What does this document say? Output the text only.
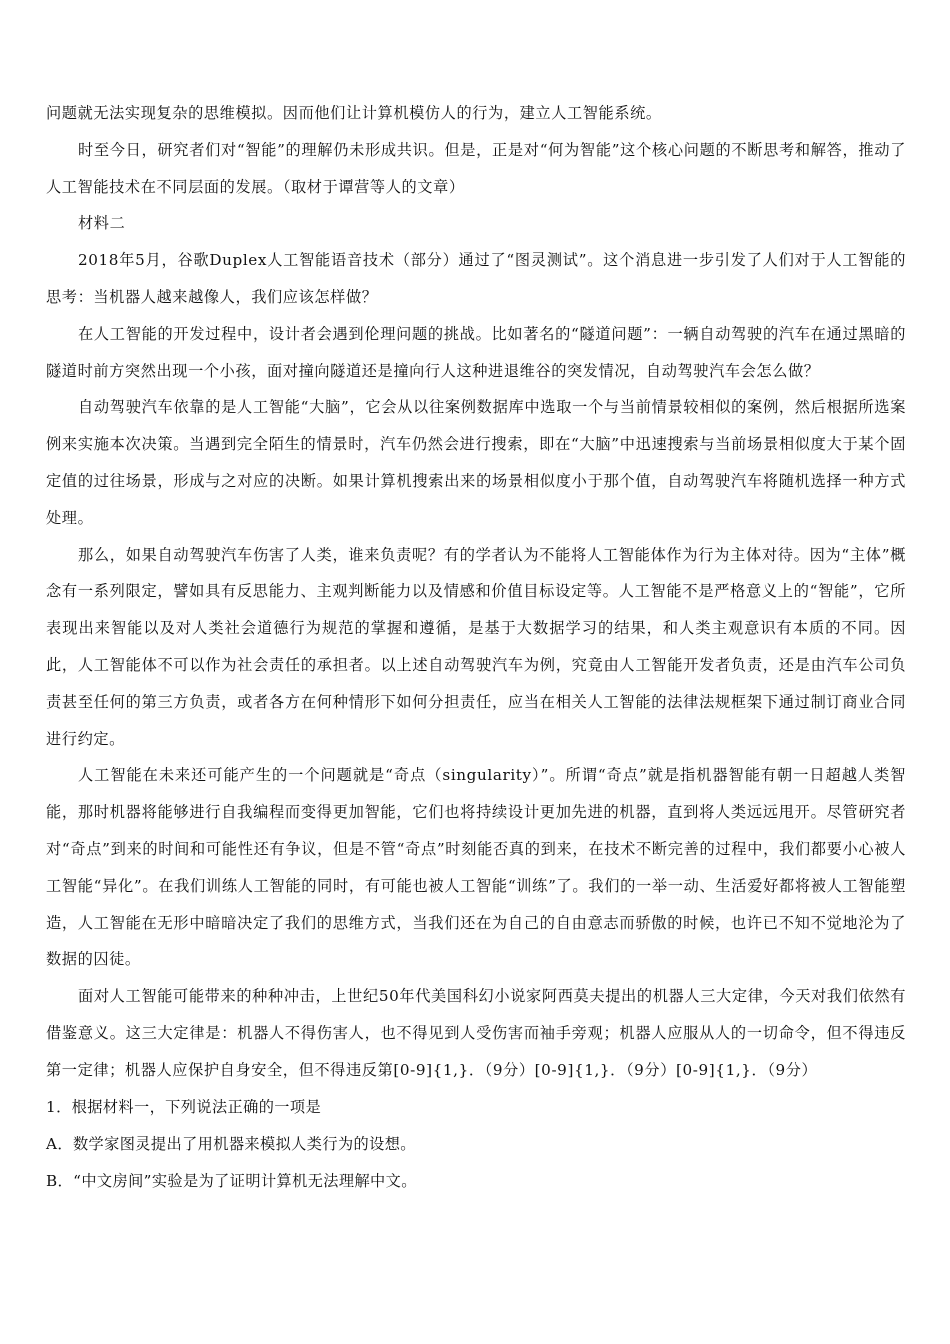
问题就无法实现复杂的思维模拟。因而他们让计算机模仿人的行为，建立人工智能系统。

时至今日，研究者们对“智能”的理解仍未形成共识。但是，正是对“何为智能”这个核心问题的不断思考和解答，推动了人工智能技术在不同层面的发展。（取材于谭营等人的文章）

材料二

2018年5月，谷歌Duplex人工智能语音技术（部分）通过了“图灵测试”。这个消息进一步引发了人们对于人工智能的思考：当机器人越来越像人，我们应该怎样做？

在人工智能的开发过程中，设计者会遇到伦理问题的挑战。比如著名的“隧道问题”：一辆自动驾驶的汽车在通过黑暗的隧道时前方突然出现一个小孩，面对撞向隧道还是撞向行人这种进退维谷的突发情况，自动驾驶汽车会怎么做？

自动驾驶汽车依靠的是人工智能“大脑”，它会从以往案例数据库中选取一个与当前情景较相似的案例，然后根据所选案例来实施本次决策。当遇到完全陌生的情景时，汽车仍然会进行搜索，即在“大脑”中迅速搜索与当前场景相似度大于某个固定值的过往场景，形成与之对应的决断。如果计算机搜索出来的场景相似度小于那个值，自动驾驶汽车将随机选择一种方式处理。

那么，如果自动驾驶汽车伤害了人类，谁来负责呢？有的学者认为不能将人工智能体作为行为主体对待。因为“主体”概念有一系列限定，譬如具有反思能力、主观判断能力以及情感和价值目标设定等。人工智能不是严格意义上的“智能”，它所表现出来智能以及对人类社会道德行为规范的掌握和遵循，是基于大数据学习的结果，和人类主观意识有本质的不同。因此，人工智能体不可以作为社会责任的承担者。以上述自动驾驶汽车为例，究竟由人工智能开发者负责，还是由汽车公司负责甚至任何的第三方负责，或者各方在何种情形下如何分担责任，应当在相关人工智能的法律法规框架下通过制订商业合同进行约定。

人工智能在未来还可能产生的一个问题就是“奇点（singularity）”。所谓“奇点”就是指机器智能有朝一日超越人类智能，那时机器将能够进行自我编程而变得更加智能，它们也将持续设计更加先进的机器，直到将人类远远甩开。尽管研究者对“奇点”到来的时间和可能性还有争议，但是不管“奇点”时刻能否真的到来，在技术不断完善的过程中，我们都要小心被人工智能“异化”。在我们训练人工智能的同时，有可能也被人工智能“训练”了。我们的一举一动、生活爱好都将被人工智能塑造，人工智能在无形中暗暗决定了我们的思维方式，当我们还在为自己的自由意志而骄傲的时候，也许已不知不觉地沦为了数据的囚徒。

面对人工智能可能带来的种种冲击，上世纪50年代美国科幻小说家阿西莫夫提出的机器人三大定律，今天对我们依然有借鉴意义。这三大定律是：机器人不得伤害人，也不得见到人受伤害而袖手旁观；机器人应服从人的一切命令，但不得违反第一定律；机器人应保护自身安全，但不得违反第[0-9]{1,}．（9分）[0-9]{1,}．（9分）[0-9]{1,}．（9分）

1．根据材料一，下列说法正确的一项是

A．数学家图灵提出了用机器来模拟人类行为的设想。

B．“中文房间”实验是为了证明计算机无法理解中文。
